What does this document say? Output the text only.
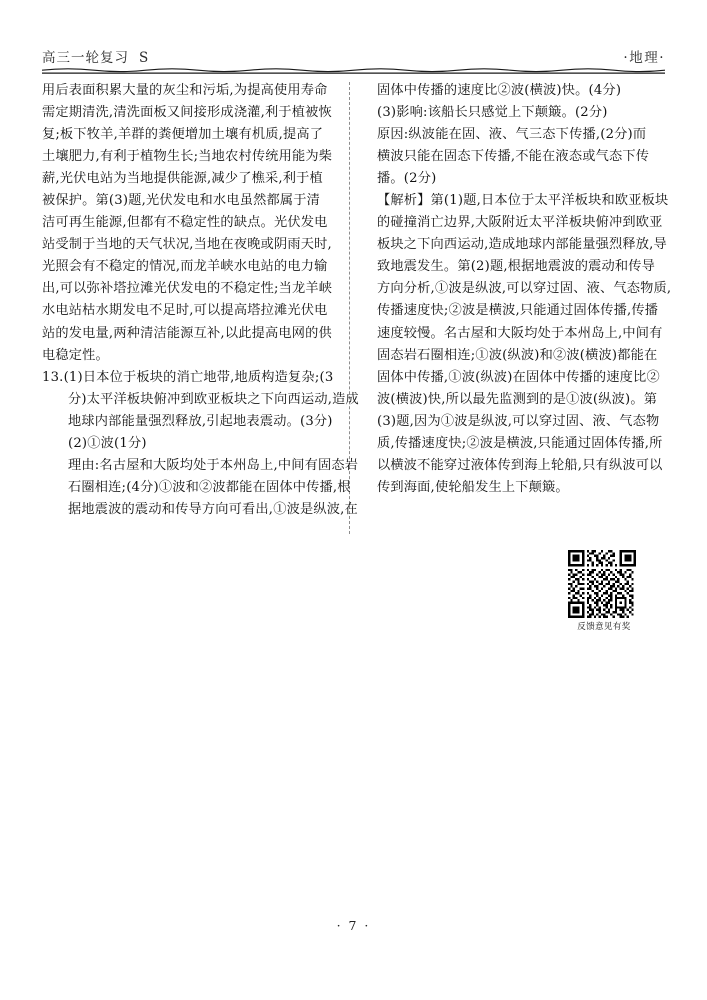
高三一轮复习 S	·地理·

用后表面积累大量的灰尘和污垢,为提高使用寿命

需定期清洗,清洗面板又间接形成浇灌,利于植被恢

复;板下牧羊,羊群的粪便增加土壤有机质,提高了

土壤肥力,有利于植物生长;当地农村传统用能为柴

薪,光伏电站为当地提供能源,减少了樵采,利于植

被保护。第(3)题,光伏发电和水电虽然都属于清

洁可再生能源,但都有不稳定性的缺点。光伏发电

站受制于当地的天气状况,当地在夜晚或阴雨天时,

光照会有不稳定的情况,而龙羊峡水电站的电力输

出,可以弥补塔拉滩光伏发电的不稳定性;当龙羊峡

水电站枯水期发电不足时,可以提高塔拉滩光伏电

站的发电量,两种清洁能源互补,以此提高电网的供

电稳定性。

13.(1)日本位于板块的消亡地带,地质构造复杂;(3

分)太平洋板块俯冲到欧亚板块之下向西运动,造成

地球内部能量强烈释放,引起地表震动。(3分)

(2)①波(1分)

理由:名古屋和大阪均处于本州岛上,中间有固态岩

石圈相连;(4分)①波和②波都能在固体中传播,根

据地震波的震动和传导方向可看出,①波是纵波,在

固体中传播的速度比②波(横波)快。(4分)

(3)影响:该船长只感觉上下颠簸。(2分)

原因:纵波能在固、液、气三态下传播,(2分)而

横波只能在固态下传播,不能在液态或气态下传

播。(2分)

【解析】第(1)题,日本位于太平洋板块和欧亚板块

的碰撞消亡边界,大阪附近太平洋板块俯冲到欧亚

板块之下向西运动,造成地球内部能量强烈释放,导

致地震发生。第(2)题,根据地震波的震动和传导

方向分析,①波是纵波,可以穿过固、液、气态物质,

传播速度快;②波是横波,只能通过固体传播,传播

速度较慢。名古屋和大阪均处于本州岛上,中间有

固态岩石圈相连;①波(纵波)和②波(横波)都能在

固体中传播,①波(纵波)在固体中传播的速度比②

波(横波)快,所以最先监测到的是①波(纵波)。第

(3)题,因为①波是纵波,可以穿过固、液、气态物

质,传播速度快;②波是横波,只能通过固体传播,所

以横波不能穿过液体传到海上轮船,只有纵波可以

传到海面,使轮船发生上下颠簸。

反馈意见有奖
· 7 ·
